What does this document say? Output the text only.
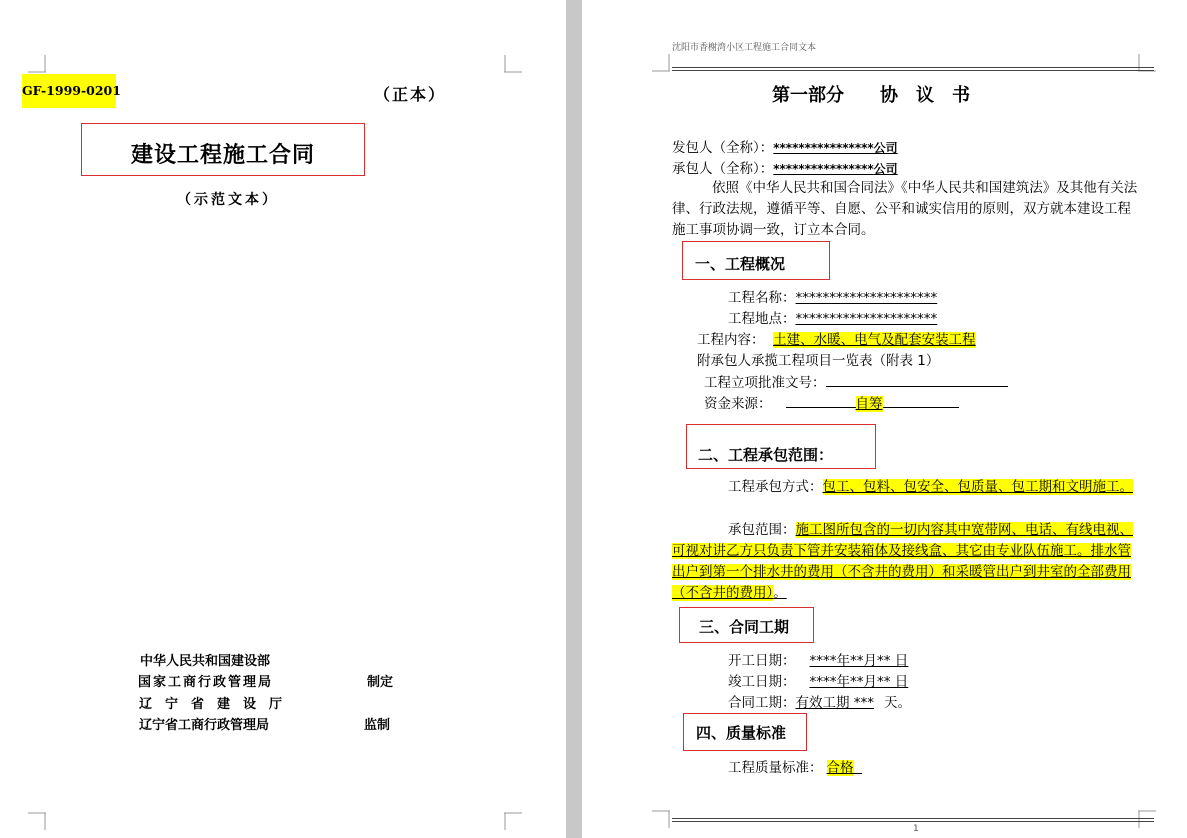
GF-1999-0201	（正本）
建设工程施工合同
（示范文本）
中华人民共和国建设部
国家工商行政管理局	制定
辽　宁　省　建　设　厅
辽宁省工商行政管理局	监制
沈阳市香榭湾小区工程施工合同文本
第一部分　　协　议　书
发包人（全称）：****************公司
承包人（全称）：****************公司
依照《中华人民共和国合同法》《中华人民共和国建筑法》及其他有关法律、行政法规，遵循平等、自愿、公平和诚实信用的原则，双方就本建设工程施工事项协调一致，订立本合同。
一、工程概况
工程名称：*********************
工程地点：*********************
工程内容： 土建、水暖、电气及配套安装工程
附承包人承揽工程项目一览表（附表 1）
工程立项批准文号：
资金来源：	自筹
二、工程承包范围：
工程承包方式：包工、包料、包安全、包质量、包工期和文明施工。
承包范围：施工图所包含的一切内容其中宽带网、电话、有线电视、可视对讲乙方只负责下管并安装箱体及接线盒、其它由专业队伍施工。排水管出户到第一个排水井的费用（不含井的费用）和采暖管出户到井室的全部费用（不含井的费用）。
三、合同工期
开工日期： ****年**月** 日
竣工日期： ****年**月** 日
合同工期：有效工期 *** 天。
四、质量标准
工程质量标准： 合格
1
